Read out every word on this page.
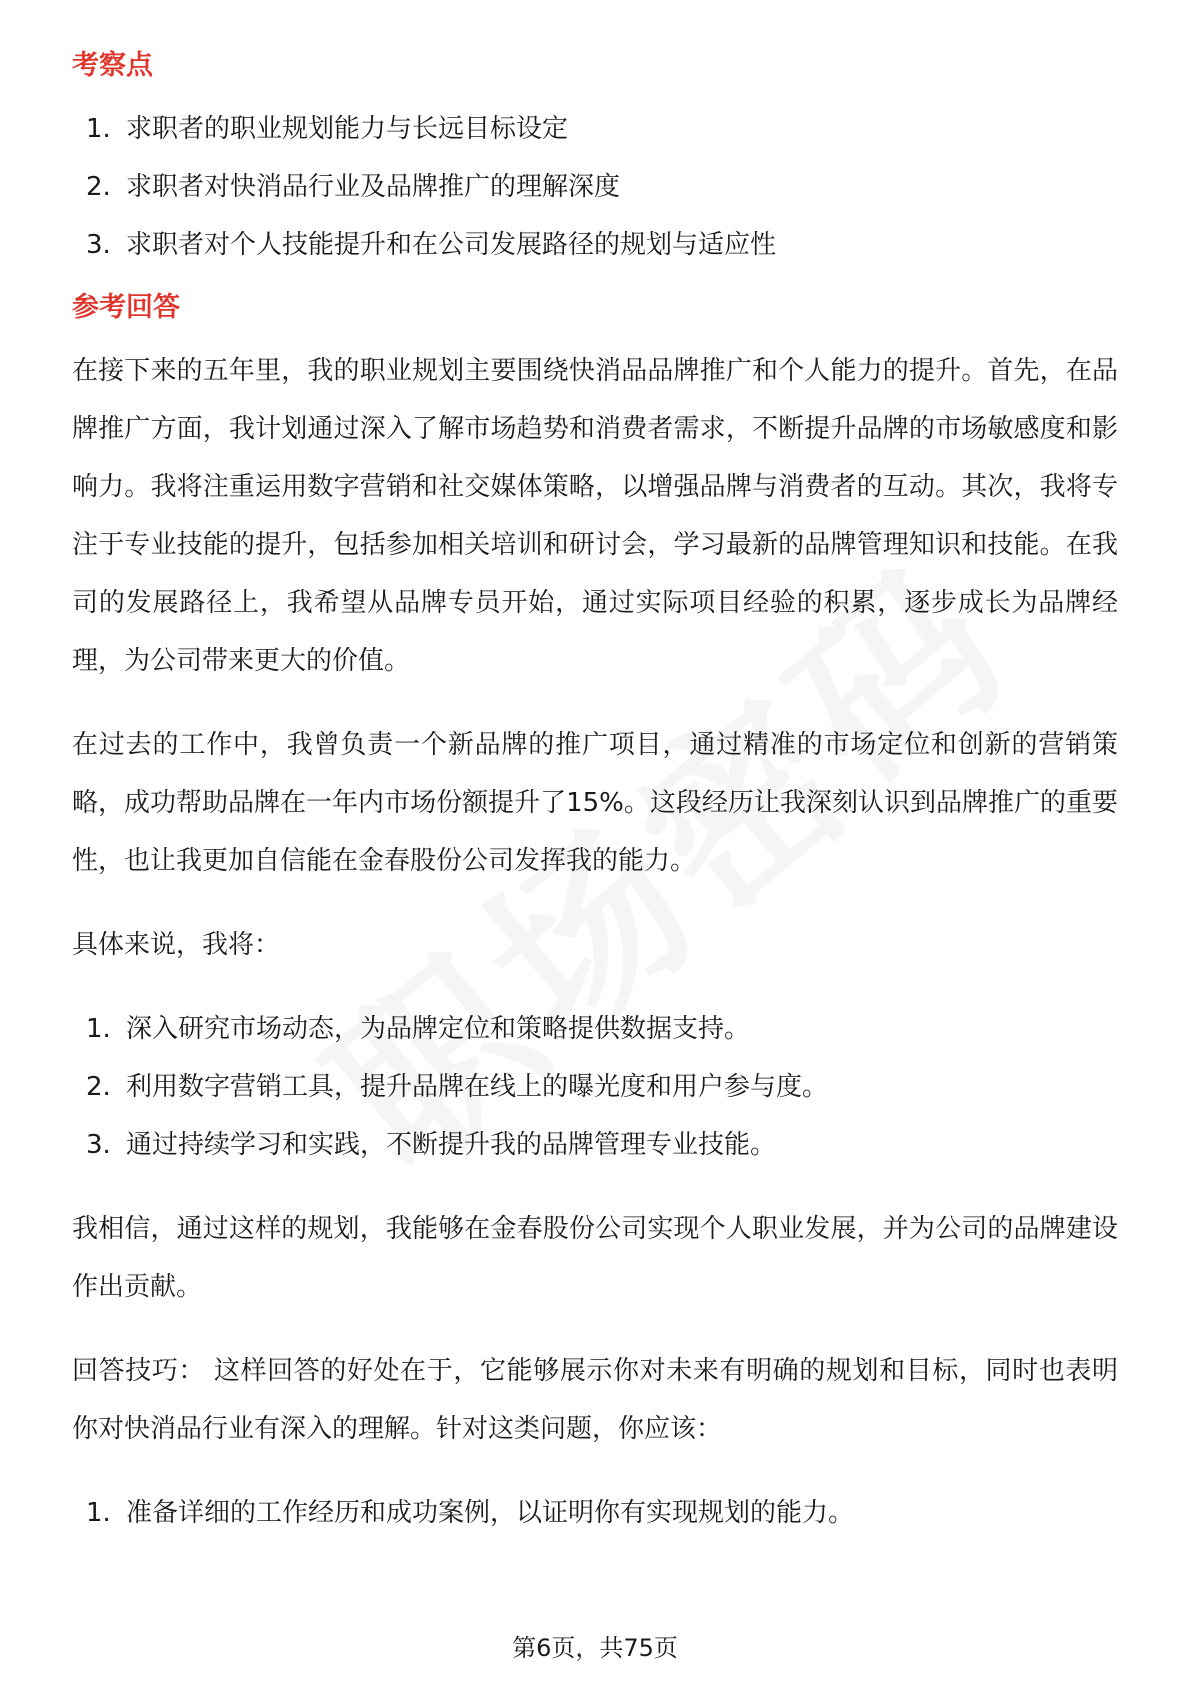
考察点
1. 求职者的职业规划能力与长远目标设定
2. 求职者对快消品行业及品牌推广的理解深度
3. 求职者对个人技能提升和在公司发展路径的规划与适应性
参考回答

在接下来的五年里，我的职业规划主要围绕快消品品牌推广和个人能力的提升。首先，在品牌推广方面，我计划通过深入了解市场趋势和消费者需求，不断提升品牌的市场敏感度和影响力。我将注重运用数字营销和社交媒体策略，以增强品牌与消费者的互动。其次，我将专注于专业技能的提升，包括参加相关培训和研讨会，学习最新的品牌管理知识和技能。在我司的发展路径上，我希望从品牌专员开始，通过实际项目经验的积累，逐步成长为品牌经理，为公司带来更大的价值。

在过去的工作中，我曾负责一个新品牌的推广项目，通过精准的市场定位和创新的营销策略，成功帮助品牌在一年内市场份额提升了15%。这段经历让我深刻认识到品牌推广的重要性，也让我更加自信能在金春股份公司发挥我的能力。

具体来说，我将：

1. 深入研究市场动态，为品牌定位和策略提供数据支持。
2. 利用数字营销工具，提升品牌在线上的曝光度和用户参与度。
3. 通过持续学习和实践，不断提升我的品牌管理专业技能。

我相信，通过这样的规划，我能够在金春股份公司实现个人职业发展，并为公司的品牌建设作出贡献。

回答技巧： 这样回答的好处在于，它能够展示你对未来有明确的规划和目标，同时也表明你对快消品行业有深入的理解。针对这类问题，你应该：

1. 准备详细的工作经历和成功案例，以证明你有实现规划的能力。
第6页，共75页
